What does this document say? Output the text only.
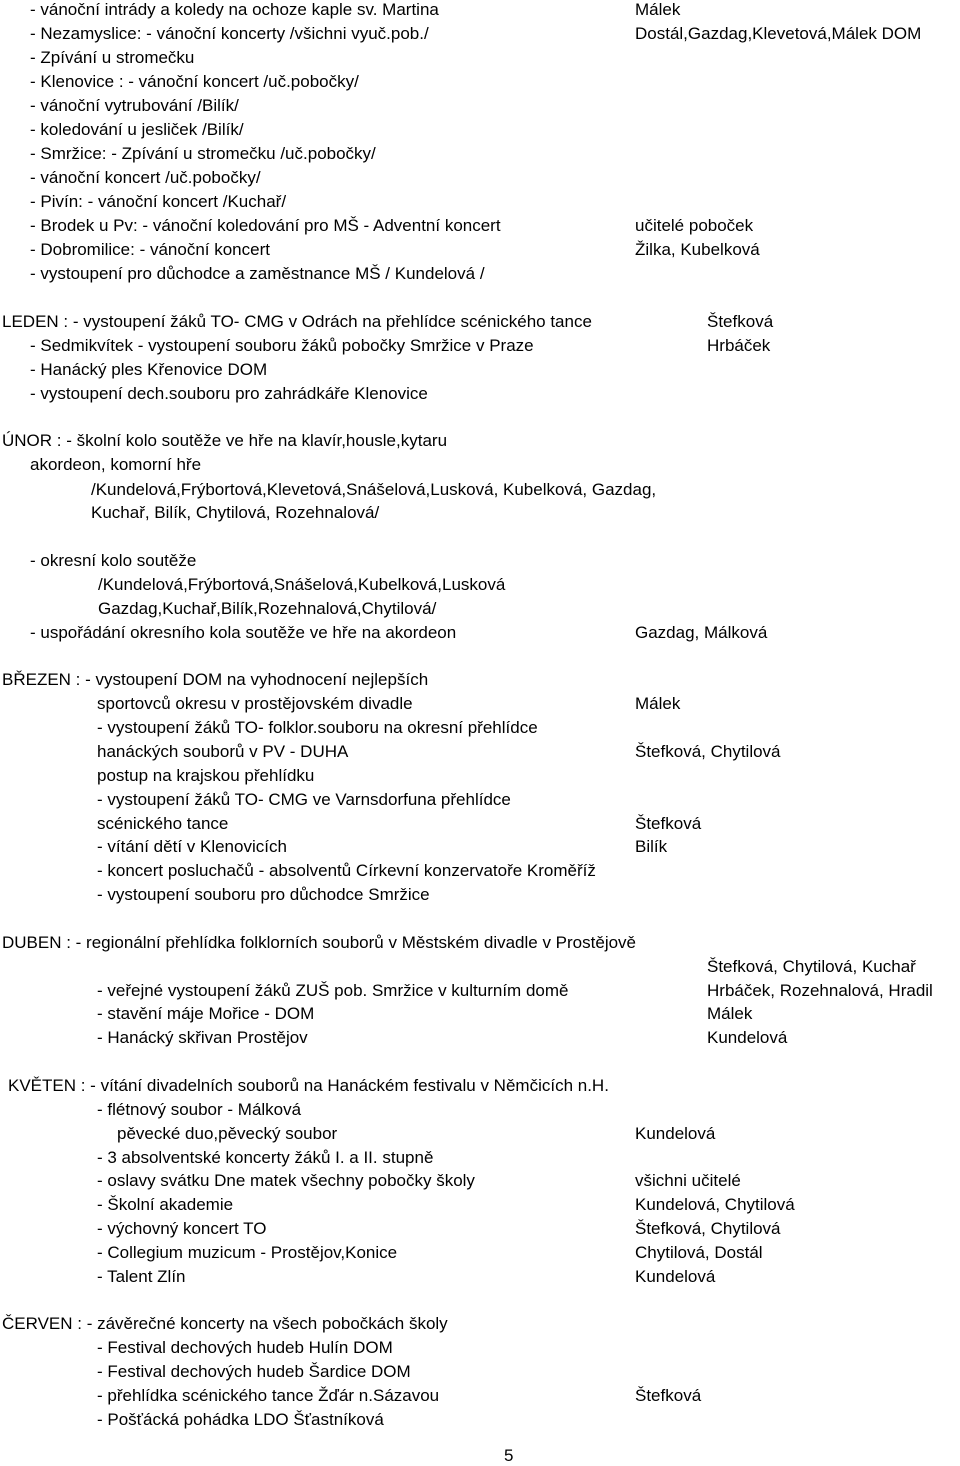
- vánoční intrády a koledy na ochoze kaple sv. Martina	Málek
- Nezamyslice: - vánoční koncerty /všichni vyuč.pob./	Dostál,Gazdag,Klevetová,Málek DOM
- Zpívání u stromečku
- Klenovice : - vánoční koncert /uč.pobočky/
- vánoční vytrubování /Bilík/
- koledování u jesliček /Bilík/
- Smržice: - Zpívání u stromečku /uč.pobočky/
- vánoční koncert /uč.pobočky/
- Pivín: - vánoční koncert /Kuchař/
- Brodek u Pv: - vánoční koledování pro MŠ - Adventní koncert	učitelé poboček
- Dobromilice: - vánoční koncert	Žilka, Kubelková
- vystoupení pro důchodce a zaměstnance MŠ / Kundelová /
LEDEN : - vystoupení žáků TO- CMG v Odrách na přehlídce scénického tance	Štefková
- Sedmikvítek - vystoupení souboru žáků pobočky Smržice v Praze	Hrbáček
- Hanácký ples Křenovice DOM
- vystoupení dech.souboru pro zahrádkáře Klenovice
ÚNOR : - školní kolo soutěže ve hře na klavír,housle,kytaru
akordeon, komorní hře
/Kundelová,Frýbortová,Klevetová,Snášelová,Lusková, Kubelková, Gazdag,
Kuchař, Bilík, Chytilová, Rozehnalová/
- okresní kolo soutěže
/Kundelová,Frýbortová,Snášelová,Kubelková,Lusková
Gazdag,Kuchař,Bilík,Rozehnalová,Chytilová/
- uspořádání okresního kola soutěže ve hře na akordeon	Gazdag, Málková
BŘEZEN : - vystoupení DOM na vyhodnocení nejlepších
sportovců okresu v prostějovském divadle	Málek
- vystoupení žáků TO- folklor.souboru na okresní přehlídce
hanáckých souborů v PV - DUHA	Štefková, Chytilová
postup na krajskou přehlídku
- vystoupení žáků TO- CMG ve Varnsdorfuna přehlídce
scénického tance	Štefková
- vítání dětí v Klenovicích	Bilík
- koncert posluchačů - absolventů Církevní konzervatoře Kroměříž
- vystoupení souboru pro důchodce Smržice
DUBEN : - regionální přehlídka folklorních souborů v Městském divadle v Prostějově
Štefková, Chytilová, Kuchař
- veřejné vystoupení žáků ZUŠ pob. Smržice v kulturním domě	Hrbáček, Rozehnalová, Hradil
- stavění máje Mořice - DOM	Málek
- Hanácký skřivan Prostějov	Kundelová
KVĚTEN : - vítání divadelních souborů na Hanáckém festivalu v Němčicích n.H.
- flétnový soubor - Málková
pěvecké duo,pěvecký soubor	Kundelová
- 3 absolventské koncerty žáků I. a II. stupně
- oslavy svátku Dne matek všechny pobočky školy	všichni učitelé
- Školní akademie	Kundelová, Chytilová
- výchovný koncert TO	Štefková, Chytilová
- Collegium muzicum - Prostějov,Konice	Chytilová, Dostál
- Talent Zlín	Kundelová
ČERVEN : - závěrečné koncerty na všech pobočkách školy
- Festival dechových hudeb Hulín DOM
- Festival dechových hudeb Šardice DOM
- přehlídka scénického tance Žďár n.Sázavou	Štefková
- Pošťácká pohádka LDO Šťastníková
5
